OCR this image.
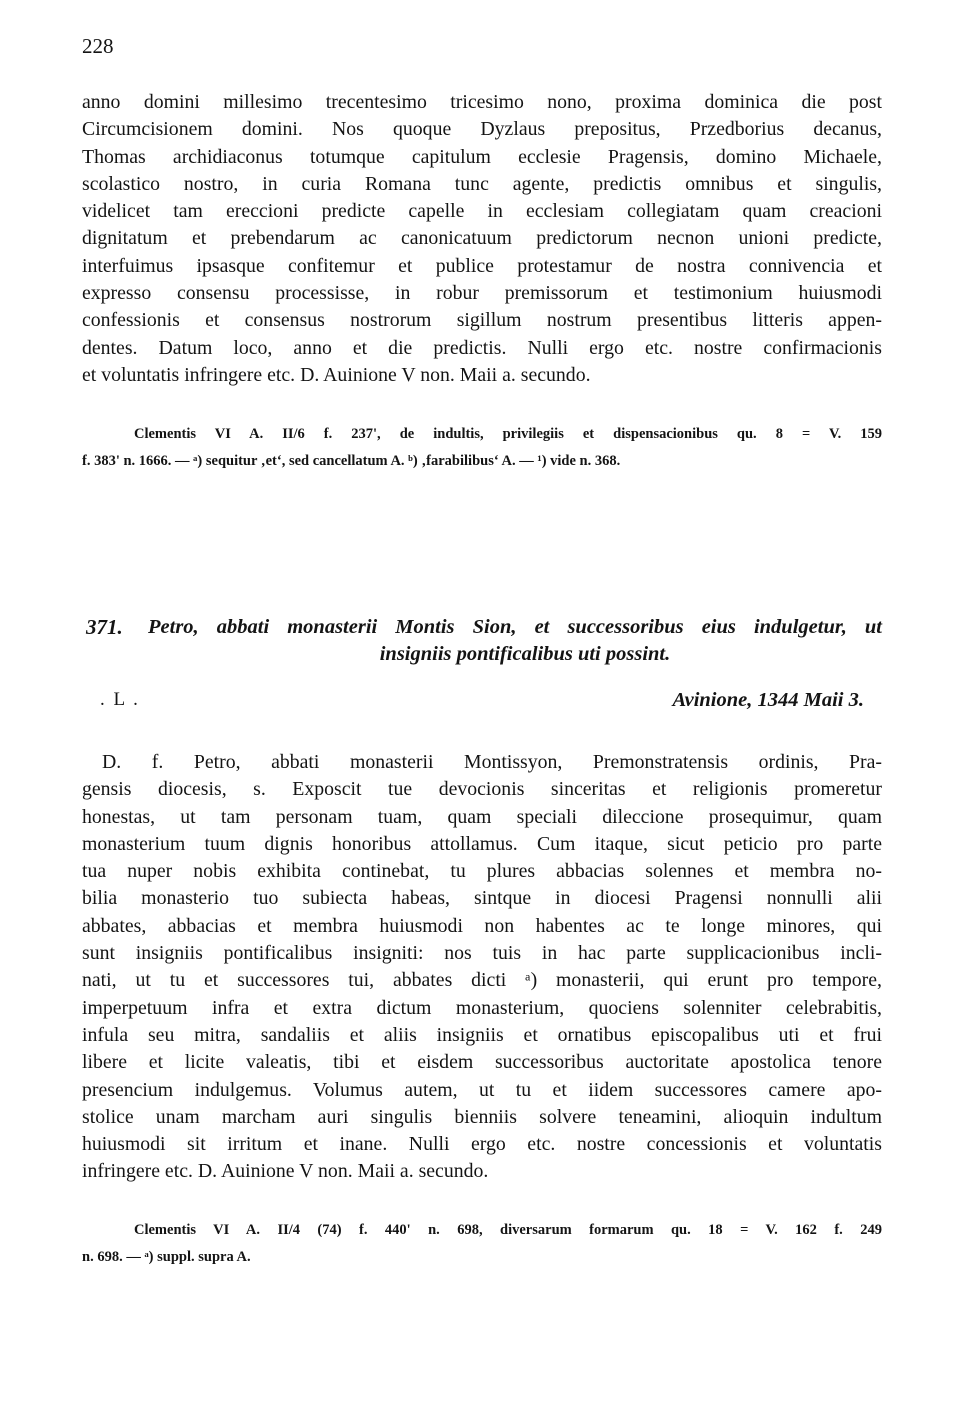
228
anno domini millesimo trecentesimo tricesimo nono, proxima dominica die post
Circumcisionem domini. Nos quoque Dyzlaus prepositus, Przedborius decanus,
Thomas archidiaconus totumque capitulum ecclesie Pragensis, domino Michaele,
scolastico nostro, in curia Romana tunc agente, predictis omnibus et singulis,
videlicet tam ereccioni predicte capelle in ecclesiam collegiatam quam creacioni
dignitatum et prebendarum ac canonicatuum predictorum necnon unioni predicte,
interfuimus ipsasque confitemur et publice protestamur de nostra connivencia et
expresso consensu processisse, in robur premissorum et testimonium huiusmodi
confessionis et consensus nostrorum sigillum nostrum presentibus litteris appen-
dentes. Datum loco, anno et die predictis. Nulli ergo etc. nostre confirmacionis
et voluntatis infringere etc. D. Auinione V non. Maii a. secundo.
Clementis VI A. II/6 f. 237', de indultis, privilegiis et dispensacionibus qu. 8 = V. 159
f. 383' n. 1666. — ᵃ) sequitur ‚et‘, sed cancellatum A. ᵇ) ‚farabilibus‘ A. — ¹) vide n. 368.
371. Petro, abbati monasterii Montis Sion, et successoribus eius indulgetur, ut
insigniis pontificalibus uti possint.
. L .	Avinione, 1344 Maii 3.
D. f. Petro, abbati monasterii Montissyon, Premonstratensis ordinis, Pra-
gensis diocesis, s. Exposcit tue devocionis sinceritas et religionis promeretur
honestas, ut tam personam tuam, quam speciali dileccione prosequimur, quam
monasterium tuum dignis honoribus attollamus. Cum itaque, sicut peticio pro parte
tua nuper nobis exhibita continebat, tu plures abbacias solennes et membra no-
bilia monasterio tuo subiecta habeas, sintque in diocesi Pragensi nonnulli alii
abbates, abbacias et membra huiusmodi non habentes ac te longe minores, qui
sunt insigniis pontificalibus insigniti: nos tuis in hac parte supplicacionibus incli-
nati, ut tu et successores tui, abbates dicti ᵃ) monasterii, qui erunt pro tempore,
imperpetuum infra et extra dictum monasterium, quociens solenniter celebrabitis,
infula seu mitra, sandaliis et aliis insigniis et ornatibus episcopalibus uti et frui
libere et licite valeatis, tibi et eisdem successoribus auctoritate apostolica tenore
presencium indulgemus. Volumus autem, ut tu et iidem successores camere apo-
stolice unam marcham auri singulis bienniis solvere teneamini, alioquin indultum
huiusmodi sit irritum et inane. Nulli ergo etc. nostre concessionis et voluntatis
infringere etc. D. Auinione V non. Maii a. secundo.
Clementis VI A. II/4 (74) f. 440' n. 698, diversarum formarum qu. 18 = V. 162 f. 249
n. 698. — ᵃ) suppl. supra A.
